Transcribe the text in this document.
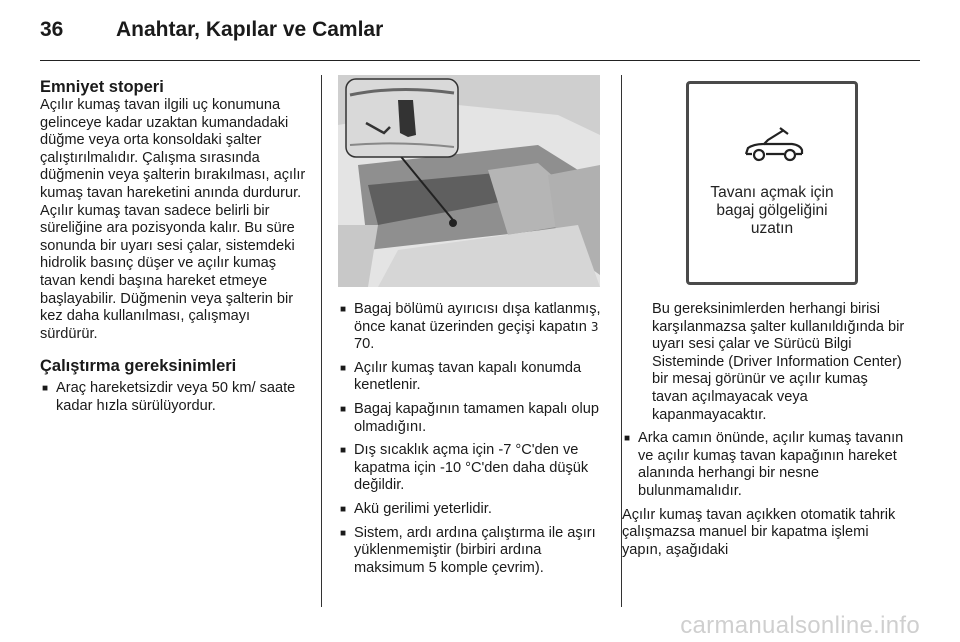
36	Anahtar, Kapılar ve Camlar
Emniyet stoperi

Açılır kumaş tavan ilgili uç konumuna gelinceye kadar uzaktan kumandadaki düğme veya orta konsoldaki şalter çalıştırılmalıdır. Çalışma sırasında düğmenin veya şalterin bırakılması, açılır kumaş tavan hareketini anında durdurur. Açılır kumaş tavan sadece belirli bir süreliğine ara pozisyonda kalır. Bu süre sonunda bir uyarı sesi çalar, sistemdeki hidrolik basınç düşer ve açılır kumaş tavan kendi başına hareket etmeye başlayabilir. Düğmenin veya şalterin bir kez daha kullanılması, çalışmayı sürdürür.

Çalıştırma gereksinimleri
■ Araç hareketsizdir veya 50 km/ saate kadar hızla sürülüyordur.
■ Bagaj bölümü ayırıcısı dışa katlanmış, önce kanat üzerinden geçişi kapatın 3 70.
■ Açılır kumaş tavan kapalı konumda kenetlenir.
■ Bagaj kapağının tamamen kapalı olup olmadığını.
■ Dış sıcaklık açma için -7 °C'den ve kapatma için -10 °C'den daha düşük değildir.
■ Akü gerilimi yeterlidir.
■ Sistem, ardı ardına çalıştırma ile aşırı yüklenmemiştir (birbiri ardına maksimum 5 komple çevrim).
Tavanı açmak için
bagaj gölgeliğini
uzatın

Bu gereksinimlerden herhangi birisi karşılanmazsa şalter kullanıldığında bir uyarı sesi çalar ve Sürücü Bilgi Sisteminde (Driver Information Center) bir mesaj görünür ve açılır kumaş tavan açılmayacak veya kapanmayacaktır.

■ Arka camın önünde, açılır kumaş tavanın ve açılır kumaş tavan kapağının hareket alanında herhangi bir nesne bulunmamalıdır.

Açılır kumaş tavan açıkken otomatik tahrik çalışmazsa manuel bir kapatma işlemi yapın, aşağıdaki

carmanualsonline.info
